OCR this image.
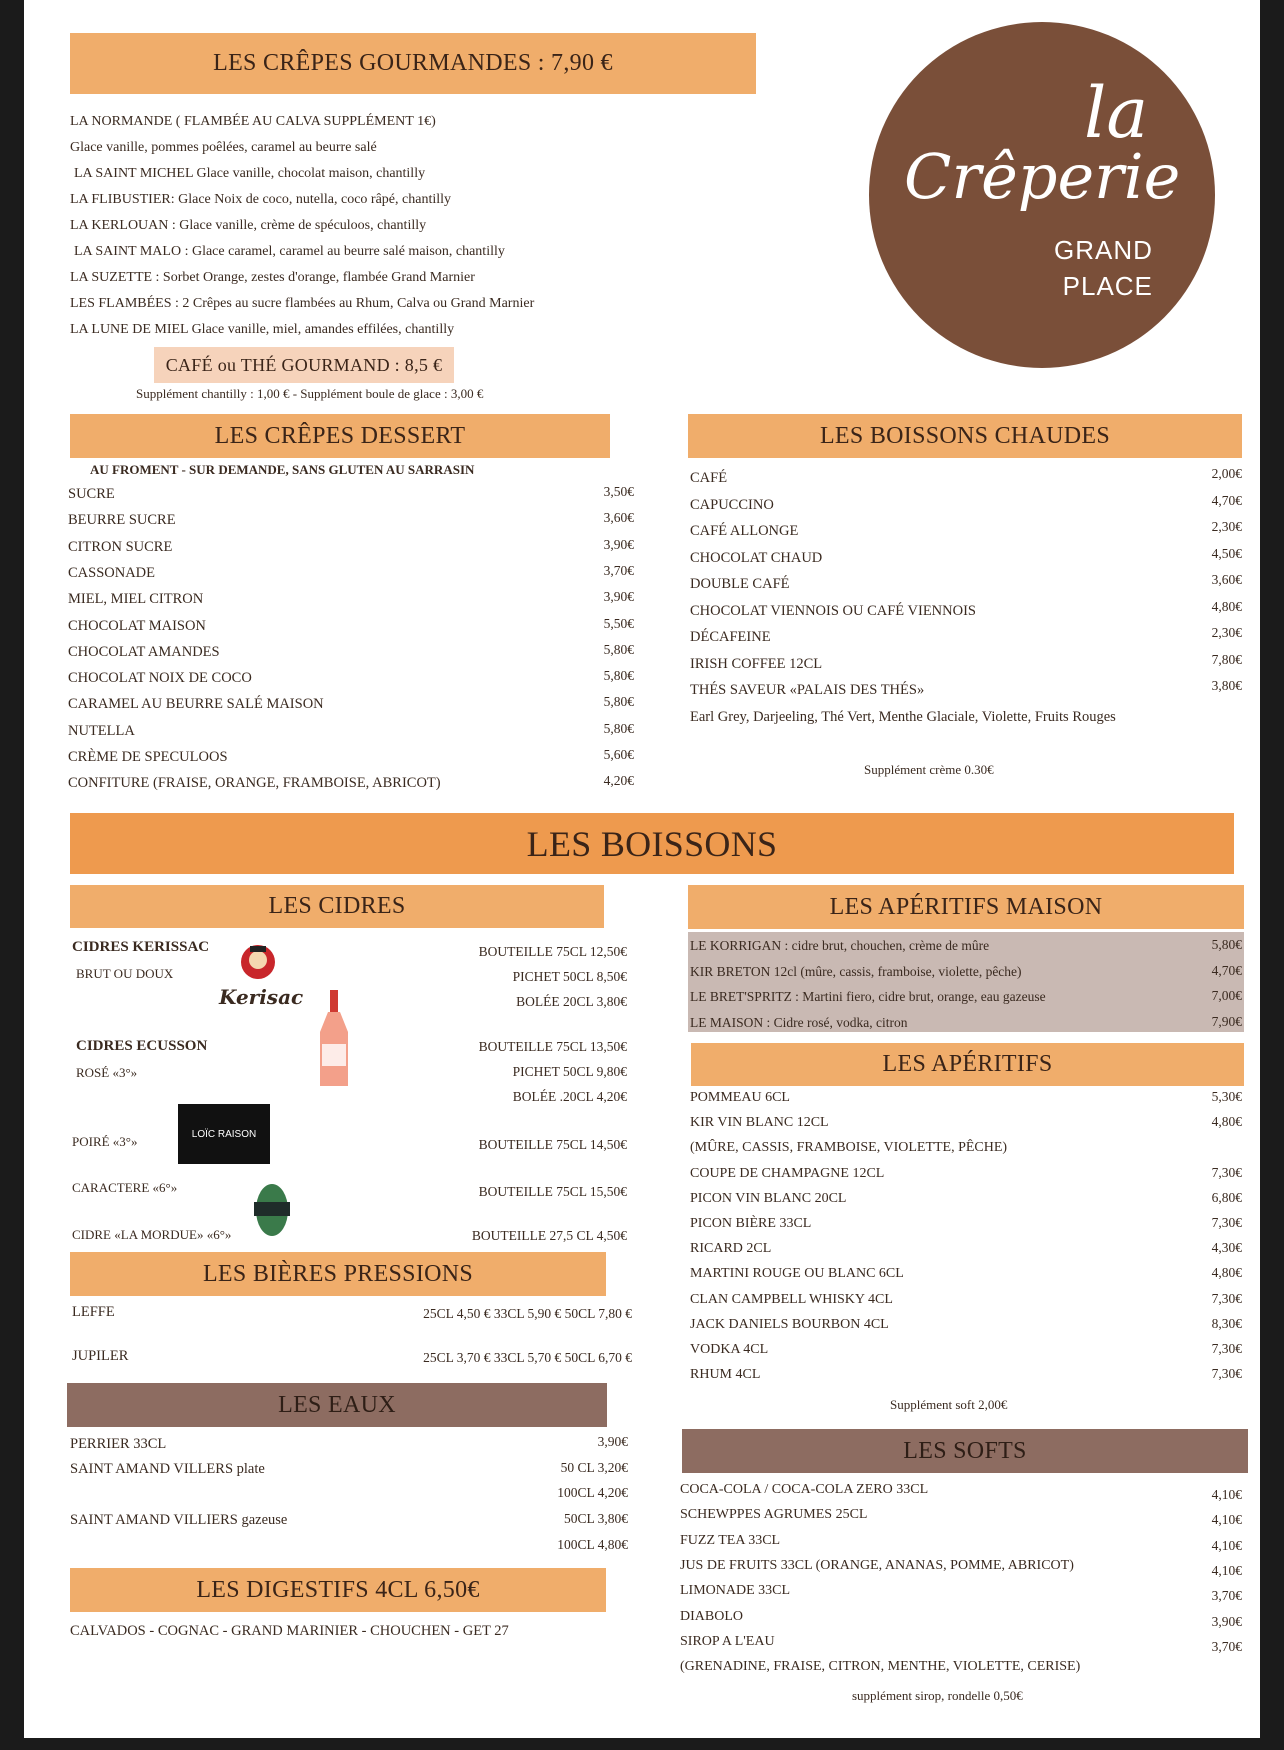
la
Crêperie
GRAND
PLACE
LES CRÊPES GOURMANDES : 7,90 €
LA NORMANDE ( FLAMBÉE AU CALVA SUPPLÉMENT 1€)
Glace vanille, pommes poêlées, caramel au beurre salé
LA SAINT MICHEL Glace vanille, chocolat maison, chantilly
LA FLIBUSTIER: Glace Noix de coco, nutella, coco râpé, chantilly
LA KERLOUAN : Glace vanille, crème de spéculoos, chantilly
LA SAINT MALO : Glace caramel, caramel au beurre salé maison, chantilly
LA SUZETTE : Sorbet Orange, zestes d'orange, flambée Grand Marnier
LES FLAMBÉES : 2 Crêpes au sucre flambées au Rhum, Calva ou Grand Marnier
LA LUNE DE MIEL Glace vanille, miel, amandes effilées, chantilly
CAFÉ ou THÉ GOURMAND : 8,5 €
Supplément chantilly : 1,00 € - Supplément boule de glace : 3,00 €
LES CRÊPES DESSERT
AU FROMENT - SUR DEMANDE, SANS GLUTEN AU SARRASIN
SUCRE	3,50€
BEURRE SUCRE	3,60€
CITRON SUCRE	3,90€
CASSONADE	3,70€
MIEL, MIEL CITRON	3,90€
CHOCOLAT MAISON	5,50€
CHOCOLAT AMANDES	5,80€
CHOCOLAT NOIX DE COCO	5,80€
CARAMEL AU BEURRE SALÉ MAISON	5,80€
NUTELLA	5,80€
CRÈME DE SPECULOOS	5,60€
CONFITURE (FRAISE, ORANGE, FRAMBOISE, ABRICOT)	4,20€
LES BOISSONS CHAUDES
CAFÉ	2,00€
CAPUCCINO	4,70€
CAFÉ ALLONGE	2,30€
CHOCOLAT CHAUD	4,50€
DOUBLE CAFÉ	3,60€
CHOCOLAT VIENNOIS OU CAFÉ VIENNOIS	4,80€
DÉCAFEINE	2,30€
IRISH COFFEE 12CL	7,80€
THÉS SAVEUR «PALAIS DES THÉS»	3,80€
Earl Grey, Darjeeling, Thé Vert, Menthe Glaciale, Violette, Fruits Rouges
Supplément crème 0.30€
LES BOISSONS
LES CIDRES
CIDRES KERISSAC
BRUT OU DOUX
Kerisac
BOUTEILLE 75CL 12,50€
PICHET 50CL 8,50€
BOLÉE 20CL 3,80€
CIDRES ECUSSON
ROSÉ «3°»
BOUTEILLE 75CL 13,50€
PICHET 50CL 9,80€
BOLÉE .20CL 4,20€
LOÏC RAISON
POIRÉ «3°»	BOUTEILLE 75CL 14,50€
CARACTERE «6°»	BOUTEILLE 75CL 15,50€
CIDRE «LA MORDUE» «6°»	BOUTEILLE 27,5 CL 4,50€
LES BIÈRES PRESSIONS
LEFFE	25CL 4,50 € 33CL 5,90 € 50CL 7,80 €
JUPILER	25CL 3,70 € 33CL 5,70 € 50CL 6,70 €
LES EAUX
PERRIER 33CL	3,90€
SAINT AMAND VILLERS plate	50 CL 3,20€
100CL 4,20€
SAINT AMAND VILLIERS gazeuse	50CL 3,80€
100CL 4,80€
LES DIGESTIFS 4CL 6,50€
CALVADOS - COGNAC - GRAND MARINIER - CHOUCHEN - GET 27
LES APÉRITIFS MAISON
LE KORRIGAN : cidre brut, chouchen, crème de mûre	5,80€
KIR BRETON 12cl (mûre, cassis, framboise, violette, pêche)	4,70€
LE BRET'SPRITZ : Martini fiero, cidre brut, orange, eau gazeuse	7,00€
LE MAISON : Cidre rosé, vodka, citron	7,90€
LES APÉRITIFS
POMMEAU 6CL	5,30€
KIR VIN BLANC 12CL	4,80€
(MÛRE, CASSIS, FRAMBOISE, VIOLETTE, PÊCHE)
COUPE DE CHAMPAGNE 12CL	7,30€
PICON VIN BLANC 20CL	6,80€
PICON BIÈRE 33CL	7,30€
RICARD 2CL	4,30€
MARTINI ROUGE OU BLANC 6CL	4,80€
CLAN CAMPBELL WHISKY 4CL	7,30€
JACK DANIELS BOURBON 4CL	8,30€
VODKA 4CL	7,30€
RHUM 4CL	7,30€
Supplément soft 2,00€
LES SOFTS
COCA-COLA / COCA-COLA ZERO 33CL	4,10€
SCHEWPPES AGRUMES 25CL	4,10€
FUZZ TEA 33CL	4,10€
JUS DE FRUITS 33CL (ORANGE, ANANAS, POMME, ABRICOT)	4,10€
LIMONADE 33CL	3,70€
DIABOLO	3,90€
SIROP A L'EAU	3,70€
(GRENADINE, FRAISE, CITRON, MENTHE, VIOLETTE, CERISE)
supplément sirop, rondelle 0,50€
